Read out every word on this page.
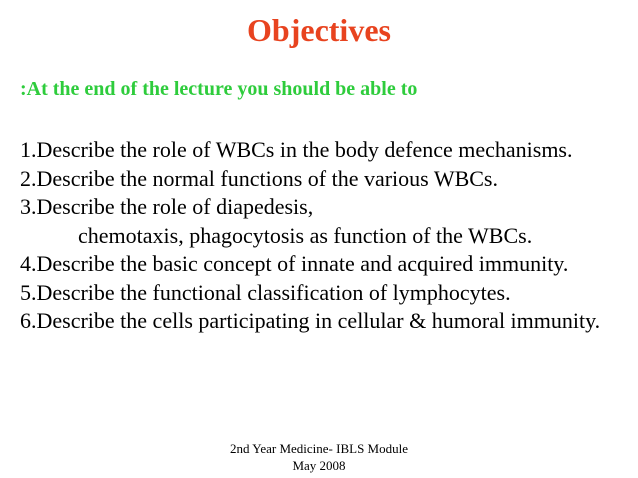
Objectives
:At the end of the lecture you should be able to

1.Describe the role of WBCs in the body defence mechanisms.

2.Describe the normal functions of the various WBCs.

3.Describe the role of diapedesis,

chemotaxis, phagocytosis as function of the WBCs.

4.Describe the basic concept of innate and acquired immunity.

5.Describe the functional classification of lymphocytes.

6.Describe the cells participating in cellular & humoral immunity.

2nd Year Medicine- IBLS Module
May 2008
